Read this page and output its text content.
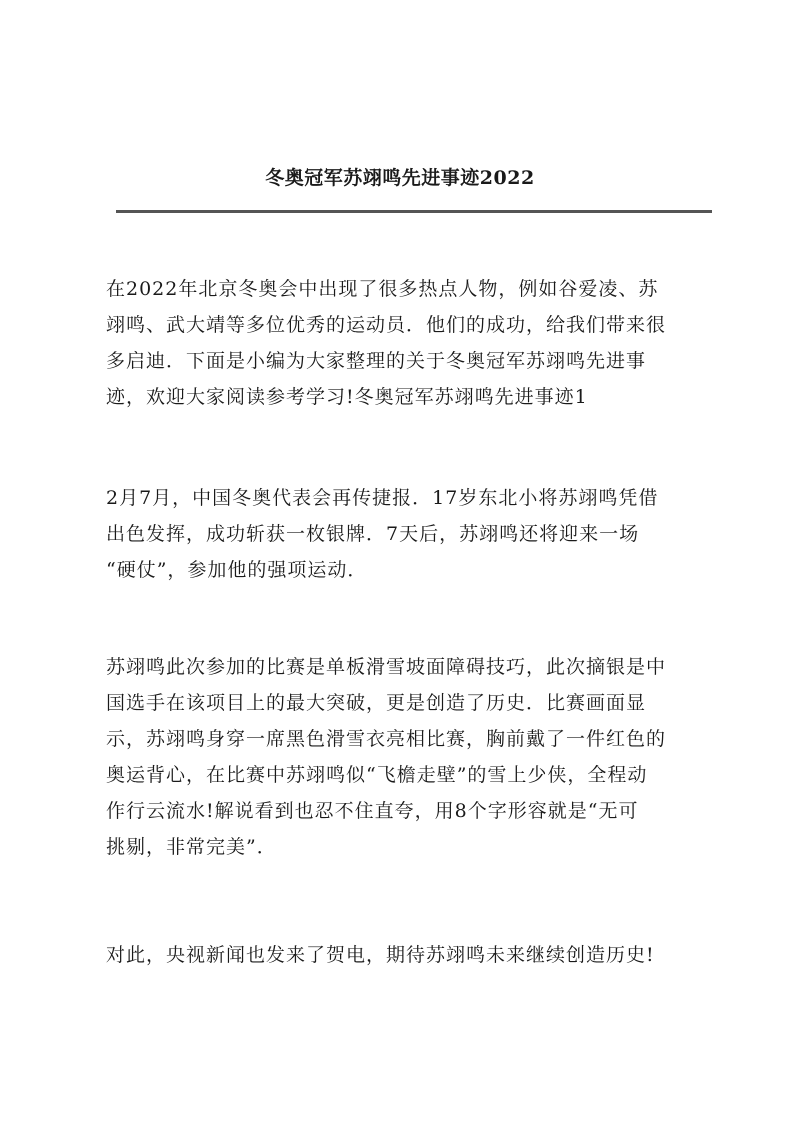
冬奥冠军苏翊鸣先进事迹2022

在2022年北京冬奥会中出现了很多热点人物，例如谷爱凌、苏
翊鸣、武大靖等多位优秀的运动员．他们的成功，给我们带来很
多启迪．下面是小编为大家整理的关于冬奥冠军苏翊鸣先进事
迹，欢迎大家阅读参考学习!冬奥冠军苏翊鸣先进事迹1

2月7月，中国冬奥代表会再传捷报．17岁东北小将苏翊鸣凭借
出色发挥，成功斩获一枚银牌．7天后，苏翊鸣还将迎来一场
“硬仗”，参加他的强项运动．

苏翊鸣此次参加的比赛是单板滑雪坡面障碍技巧，此次摘银是中
国选手在该项目上的最大突破，更是创造了历史．比赛画面显
示，苏翊鸣身穿一席黑色滑雪衣亮相比赛，胸前戴了一件红色的
奥运背心，在比赛中苏翊鸣似“飞檐走壁”的雪上少侠，全程动
作行云流水!解说看到也忍不住直夸，用8个字形容就是“无可
挑剔，非常完美”．

对此，央视新闻也发来了贺电，期待苏翊鸣未来继续创造历史!
